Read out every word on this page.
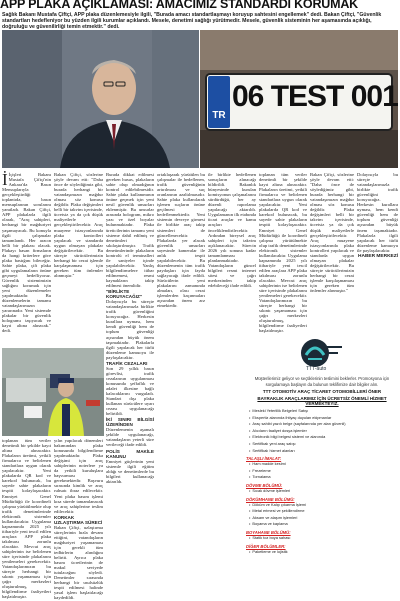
APP PLAKA AÇIKLAMASI: AMACIMIZ STANDARDI KORUMAK
Sağlık Bakanı Mustafa Çiftçi, APP plaka düzenlemesiyle ilgili, "Burada amacı standartlaşmayı koruyup sahtesini engellemek" dedi. Bakan Çiftçi, "Güvenlik standartları hedefleniyor bu yüzden ilgili kurumlar açıklandı. Mesele, denetimi sağlığı yürütmedir. Mesele, güvenlik sisteminin her aşamasında açıklığı, doğruluğu ve güvenilirliği temin etmektir." dedi.
TR
06 TEST 001

İ İçişleri Bakanı Mustafa Çiftçi'nin Ankara'da Basın Mensuplarıyla gerçekleştirdiği toplantıda, basın mensuplarının sorularını yanıtladı. Bakan Çiftçi, APP plakalarla ilgili olarak, "Araç sahipleri, herhangi bir mağduriyet yaşamayacak. Bu konuyla ilgili çalışmalar tamamlandı. Her aracın belli bir plakası olacak. Plakayı basan firmaların da hangi kriterlere göre plaka bastığını bileceğiz. Sahte plaka, çift plaka gibi uygulamaların önüne geçmeyi hedefliyoruz. Güvenlik sistemimizin sağlığını korumak için yeni düzenlemeler yapılmaktadır. Bu düzenlemelerin tamamı vatandaşlarımızın yararınadır. Yeni sistemde plakalar bir güvenlik hologramı taşıyacak ve kayıt altına alınacak." dedi.

Bakan Çiftçi, sözlerine şöyle devam etti: "Daha önce de söylediğimiz gibi, burada herhangi bir vatandaşımızın mağdur olması söz konusu değildir. Plaka değişimleri belli bir takvim içerisinde, ücretsiz ya da çok düşük maliyetlerle gerçekleştirilecektir. Araç muayene istasyonlarında plaka kontrolleri yapılacak ve standarda uygun olmayan plakalar değiştirilecektir. Bu süreçte sürücülerimizin herhangi bir cezai işlemle karşılaşmaması için gereken tüm önlemler alınmıştır."

toplanan tüm veriler denetimli bir şekilde kayıt altına alınacaktır. Plakaların üretimi, yetkili firmalarca ve belirlenen standartlara uygun olarak yapılacaktır. Yeni plakalarda QR kod ve karekod bulunacak, bu sayede sahte plakaların tespiti kolaylaşacaktır. Emniyet Genel Müdürlüğü ile koordineli çalışma yürütülmekte olup trafik denetimlerinde elektronik sistemler kullanılacaktır. Uygulama kapsamında 2025 yılı itibariyle yeni tescil edilen araçlara APP plaka takılması zorunlu olacaktır. Mevcut araç sahiplerinin ise belirlenen süre içerisinde plakalarını yenilemeleri gerekecektir. Vatandaşlarımızın bu süreçte herhangi bir sıkıntı yaşamaması için çağrı merkezleri oluşturulmuş, bilgilendirme faaliyetleri başlatılmıştır.

yılın yapılacak dönemleri bakımından plaka konusunda bilgilendirme yapılmaktadır. Plaka değişimi için araç sahiplerinin noterlere ya da yetkili kuruluşlara başvurması gerekmektedir. Başvuru sırasında kimlik ve araç ruhsatı ibraz edilecektir. Yeni plaka basım işlemi kısa sürede tamamlanacak ve araç sahiplerine teslim edilecektir.

KORKAK UZLAŞTIRMA SÜRECİ

Bakan Çiftçi, uzlaştırma süreçlerinin hızla devam ettiğini, vatandaşların mağduriyet yaşamaması için gerekli tüm tedbirlerin alındığını belirtti. Ayrıca plaka basım ücretlerinin de makul seviyede tutulacağını söyledi. Denetimler sırasında herhangi bir usulsüzlük tespit edilmesi halinde yasal işlem başlatılacağı kaydedildi.

Burada dikkat edilmesi gereken husus, plakaların sahte olup olmadığının kontrol edilebilmesidir. Sahte plaka kullanımının önüne geçmek için yeni nesil güvenlik unsurları eklenmiştir. Bu unsurlar arasında hologram, mikro yazı ve özel boyalar bulunmaktadır. Plaka üreticilerinin tamamı yeni sisteme dahil edilmiş ve denetimleri sıkılaştırılmıştır. Trafik denetimlerinde plakaların kontrolü el terminalleri ile saniyeler içinde yapılabilecektir. Yanlış bilgilendirmelere itibar edilmemesi, resmi kaynakların takip edilmesi önemlidir.

"BİRLİKTE KORUYACAĞIZ"

Dolayısıyla bu süreçte vatandaşlarımızla birlikte trafik güvenliğini koruyacağız. Herkesin kurallara uyması, hem kendi güvenliği hem de toplum güvenliği açısından büyük önem taşımaktadır. Plakalarla ilgili yapılacak her türlü düzenleme kamuoyu ile paylaşılacaktır.

TRAFİK CEZALARI

Son 29 yıllık basın görevlisi, trafik cezalarının uygulanması konusunda şeffaflık ve adalet ilkesine bağlı kalacaklarını vurguladı. Standart dışı plaka kullanan sürücülere uyarı cezası uygulanacağı belirtildi.

İKİ SINIRI BİLGİSİ ÜZERİNDEN

Düzenlemenin aşamalı şekilde uygulanacağı, vatandaşların yeterli süre verileceği ifade edildi.

POLİS MAKİLE KANUNU

Emniyet güçlerinin yeni sistemle ilgili eğitim aldığı ve denetimlerde bu bilgileri kullanacağı aktarıldı.

ortaklaşarak yürütülen bu çalışmalar ile hedeflenen, trafik güvenliğinin artırılması ve suç oranlarının azaltılmasıdır. Sahte plaka kullanılarak işlenen suçların önüne geçilmesi hedeflenmektedir. Yeni sistemin devreye girmesi ile birlikte araç takip sistemleri de güncellenecektir. Plakalarda yer alacak güvenlik unsurları sayesinde kameralar ile anlık tespit yapılabilecektir. Bu düzenlemenin tüm trafik paydaşları için fayda sağlayacağı ifade edildi. Sürücülerin yeni plakalarını zamanında almaları, olası cezai işlemlerden kaçınmaları açısından önem arz etmektedir.

ile birlikte hedeflenen sonuçların alınacağı bildirildi. Bakanlık bünyesinde kurulan komisyonun çalışmalarını sürdürdüğü, her ay düzenli raporlama yapılacağı aktarıldı. Uygulamanın ilk etabında ticari araçlar ve kamu araçları önceliklendirilecektir. Ardından bireysel araç sahipleri için takvim açıklanacaktır. Sürecin 2026 yılı sonuna kadar tamamlanması planlanmaktadır. Vatandaşların güncel bilgileri resmi internet sitesi ve çağrı merkezinden takip edebileceği ifade edildi.

toplanan tüm veriler denetimli bir şekilde kayıt altına alınacaktır. Plakaların üretimi, yetkili firmalarca ve belirlenen standartlara uygun olarak yapılacaktır. Yeni plakalarda QR kod ve karekod bulunacak, bu sayede sahte plakaların tespiti kolaylaşacaktır. Emniyet Genel Müdürlüğü ile koordineli çalışma yürütülmekte olup trafik denetimlerinde elektronik sistemler kullanılacaktır. Uygulama kapsamında 2025 yılı itibariyle yeni tescil edilen araçlara APP plaka takılması zorunlu olacaktır. Mevcut araç sahiplerinin ise belirlenen süre içerisinde plakalarını yenilemeleri gerekecektir. Vatandaşlarımızın bu süreçte herhangi bir sıkıntı yaşamaması için çağrı merkezleri oluşturulmuş, bilgilendirme faaliyetleri başlatılmıştır.

Bakan Çiftçi, sözlerine şöyle devam etti: "Daha önce de söylediğimiz gibi, burada herhangi bir vatandaşımızın mağdur olması söz konusu değildir. Plaka değişimleri belli bir takvim içerisinde, ücretsiz ya da çok düşük maliyetlerle gerçekleştirilecektir. Araç muayene istasyonlarında plaka kontrolleri yapılacak ve standarda uygun olmayan plakalar değiştirilecektir. Bu süreçte sürücülerimizin herhangi bir cezai işlemle karşılaşmaması için gereken tüm önlemler alınmıştır."

Dolayısıyla bu süreçte vatandaşlarımızla birlikte trafik güvenliğini koruyacağız. Herkesin kurallara uyması, hem kendi güvenliği hem de toplum güvenliği açısından büyük önem taşımaktadır. Plakalarla ilgili yapılacak her türlü düzenleme kamuoyu ile paylaşılacaktır.

HABER MERKEZİ

TTT-auto

Müşterilerimiz geliyor ve seçtiklerinin teslimini beklerler. Promosyona için

sorgulamaya başlayın da bulunun teklifimize dair bilgiler alın.

TTT OTOMOTİV ARAÇ TİCARET OTOMOBİLLERİ ÖNER

BAYRAKLIK ARAÇLARIMIZ İÇİN ÜCRETSİZ ÖNEMLİ HİZMET VERMEKTEYİZ.

• Mesleki Yeterlilik Belgeleri Satışı
• Ekspertiz alanında ihtiyaç duyulan ekipmanlar
• Araç sahibi yazılı belge (sayfalarında yer alan güvenli)
• Alıcıların faaliyet dosya işlemler
• Elektronik bilgi belgesi sistemi ve alanında
• Sertifikalı yeni araç satışı
• Sertifikalı hizmet alanları

TALAŞLI İMALAT:

• Ham madde kesimi
• Frezeleme
• Tornalama

DÖVME BÖLÜMÜ:

• Sıcak dövme işlemleri

DÖKÜMHANE BÖLÜMÜ:

• Döküm ve Kalıp çıkarma İşlemi
• Metal erimesi ve şekillendirme
• Aksam ve alaşım işlemleri
• Boyama ve kaplama

BOYAHANE BÖLÜMÜ:

• Statik toz boya sahası

DİĞER BÖLÜMLER:

• Paketleme ve lojistik
